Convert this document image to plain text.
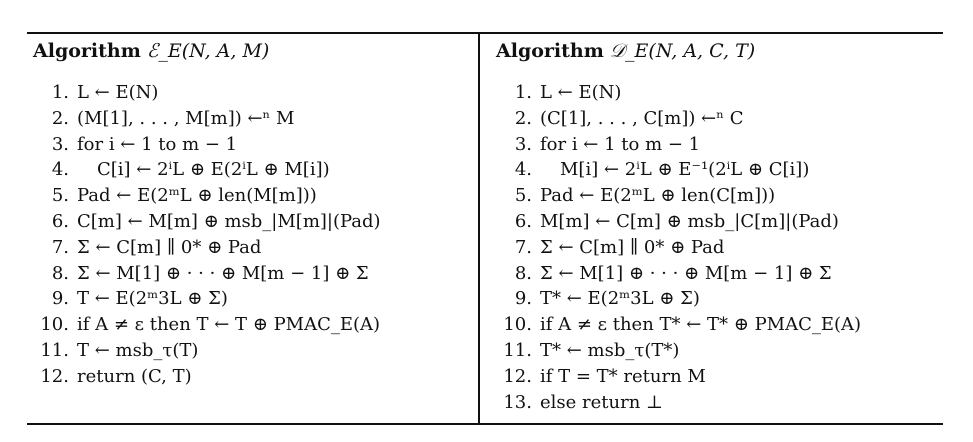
Algorithm ℰ_E(N, A, M)
1. L ← E(N)
2. (M[1], . . . , M[m]) ←ⁿ M
3. for i ← 1 to m − 1
4.	C[i] ← 2ⁱL ⊕ E(2ⁱL ⊕ M[i])
5. Pad ← E(2ᵐL ⊕ len(M[m]))
6. C[m] ← M[m] ⊕ msb_|M[m]|(Pad)
7. Σ ← C[m] ∥ 0* ⊕ Pad
8. Σ ← M[1] ⊕ · · · ⊕ M[m − 1] ⊕ Σ
9. T ← E(2ᵐ3L ⊕ Σ)
10. if A ≠ ε then T ← T ⊕ PMAC_E(A)
11. T ← msb_τ(T)
12. return (C, T)
Algorithm 𝒟_E(N, A, C, T)
1. L ← E(N)
2. (C[1], . . . , C[m]) ←ⁿ C
3. for i ← 1 to m − 1
4.	M[i] ← 2ⁱL ⊕ E⁻¹(2ⁱL ⊕ C[i])
5. Pad ← E(2ᵐL ⊕ len(C[m]))
6. M[m] ← C[m] ⊕ msb_|C[m]|(Pad)
7. Σ ← C[m] ∥ 0* ⊕ Pad
8. Σ ← M[1] ⊕ · · · ⊕ M[m − 1] ⊕ Σ
9. T* ← E(2ᵐ3L ⊕ Σ)
10. if A ≠ ε then T* ← T* ⊕ PMAC_E(A)
11. T* ← msb_τ(T*)
12. if T = T* return M
13. else return ⊥
